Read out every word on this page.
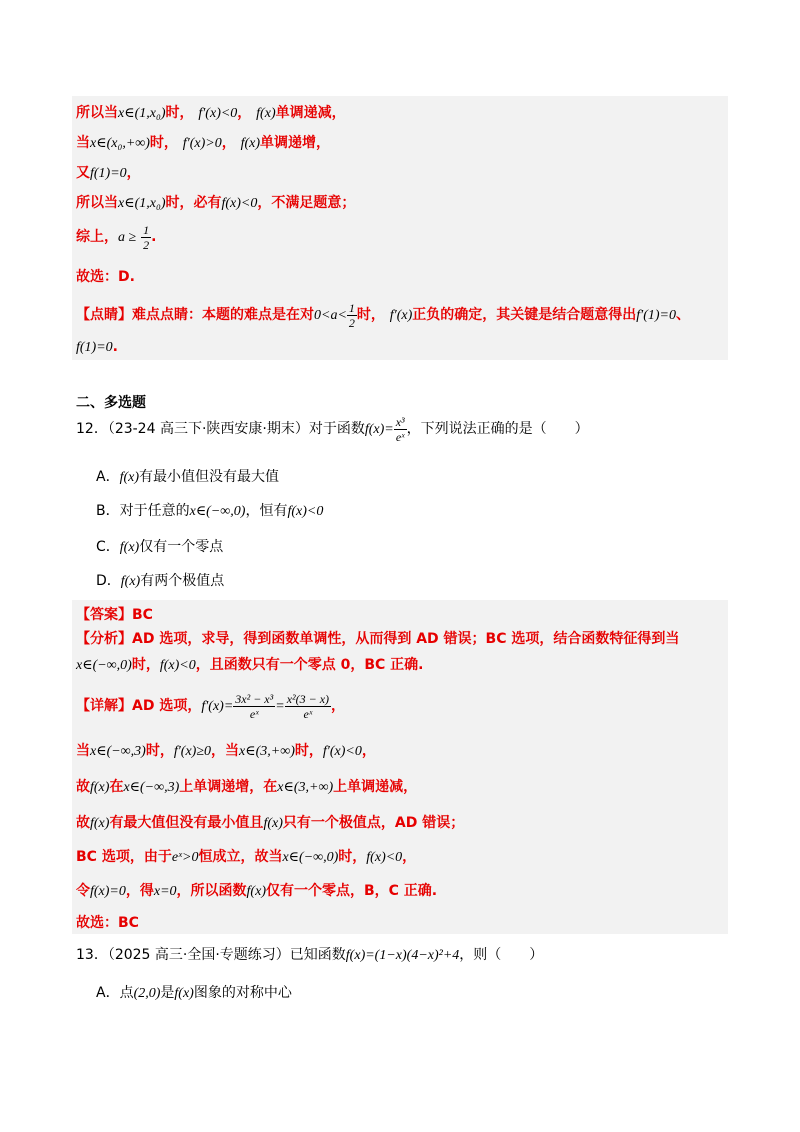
所以当x∈(1,x₀)时， f′(x)<0， f(x)单调递减，
当x∈(x₀,+∞)时， f′(x)>0， f(x)单调递增，
又f(1)=0，
所以当x∈(1,x₀)时，必有f(x)<0，不满足题意；
综上，$a \ge \frac{1}{2}$ .
故选：D.
【点睛】难点点睛：本题的难点是在对$0<a< \frac{1}{2}$ 时， f′(x)正负的确定，其关键是结合题意得出f′(1)=0、
f(1)=0.
二、多选题
12．（23-24 高三下·陕西安康·期末）对于函数$f(x)= \frac{\text{x³}}{\text{eˣ}}$ ，下列说法正确的是（　　）
A．f(x)有最小值但没有最大值
B．对于任意的x∈(−∞,0)，恒有f(x)<0
C．f(x)仅有一个零点
D．f(x)有两个极值点
【答案】BC
【分析】AD 选项，求导，得到函数单调性，从而得到 AD 错误；BC 选项，结合函数特征得到当
x∈(−∞,0)时，f(x)<0，且函数只有一个零点 0，BC 正确.
【详解】AD 选项，$f'(x)= \frac{\text{3x² − x³}}{\text{eˣ}} = \frac{\text{x²(3 − x)}}{\text{eˣ}}$ ，
当x∈(−∞,3)时，f′(x)≥0，当x∈(3,+∞)时，f′(x)<0，
故f(x)在x∈(−∞,3)上单调递增，在x∈(3,+∞)上单调递减，
故f(x)有最大值但没有最小值且f(x)只有一个极值点，AD 错误；
BC 选项，由于eˣ>0恒成立，故当x∈(−∞,0)时，f(x)<0，
令f(x)=0，得x=0，所以函数f(x)仅有一个零点，B，C 正确.
故选：BC
13．（2025 高三·全国·专题练习）已知函数f(x)=(1−x)(4−x)²+4，则（　　）
A．点(2,0)是f(x)图象的对称中心
